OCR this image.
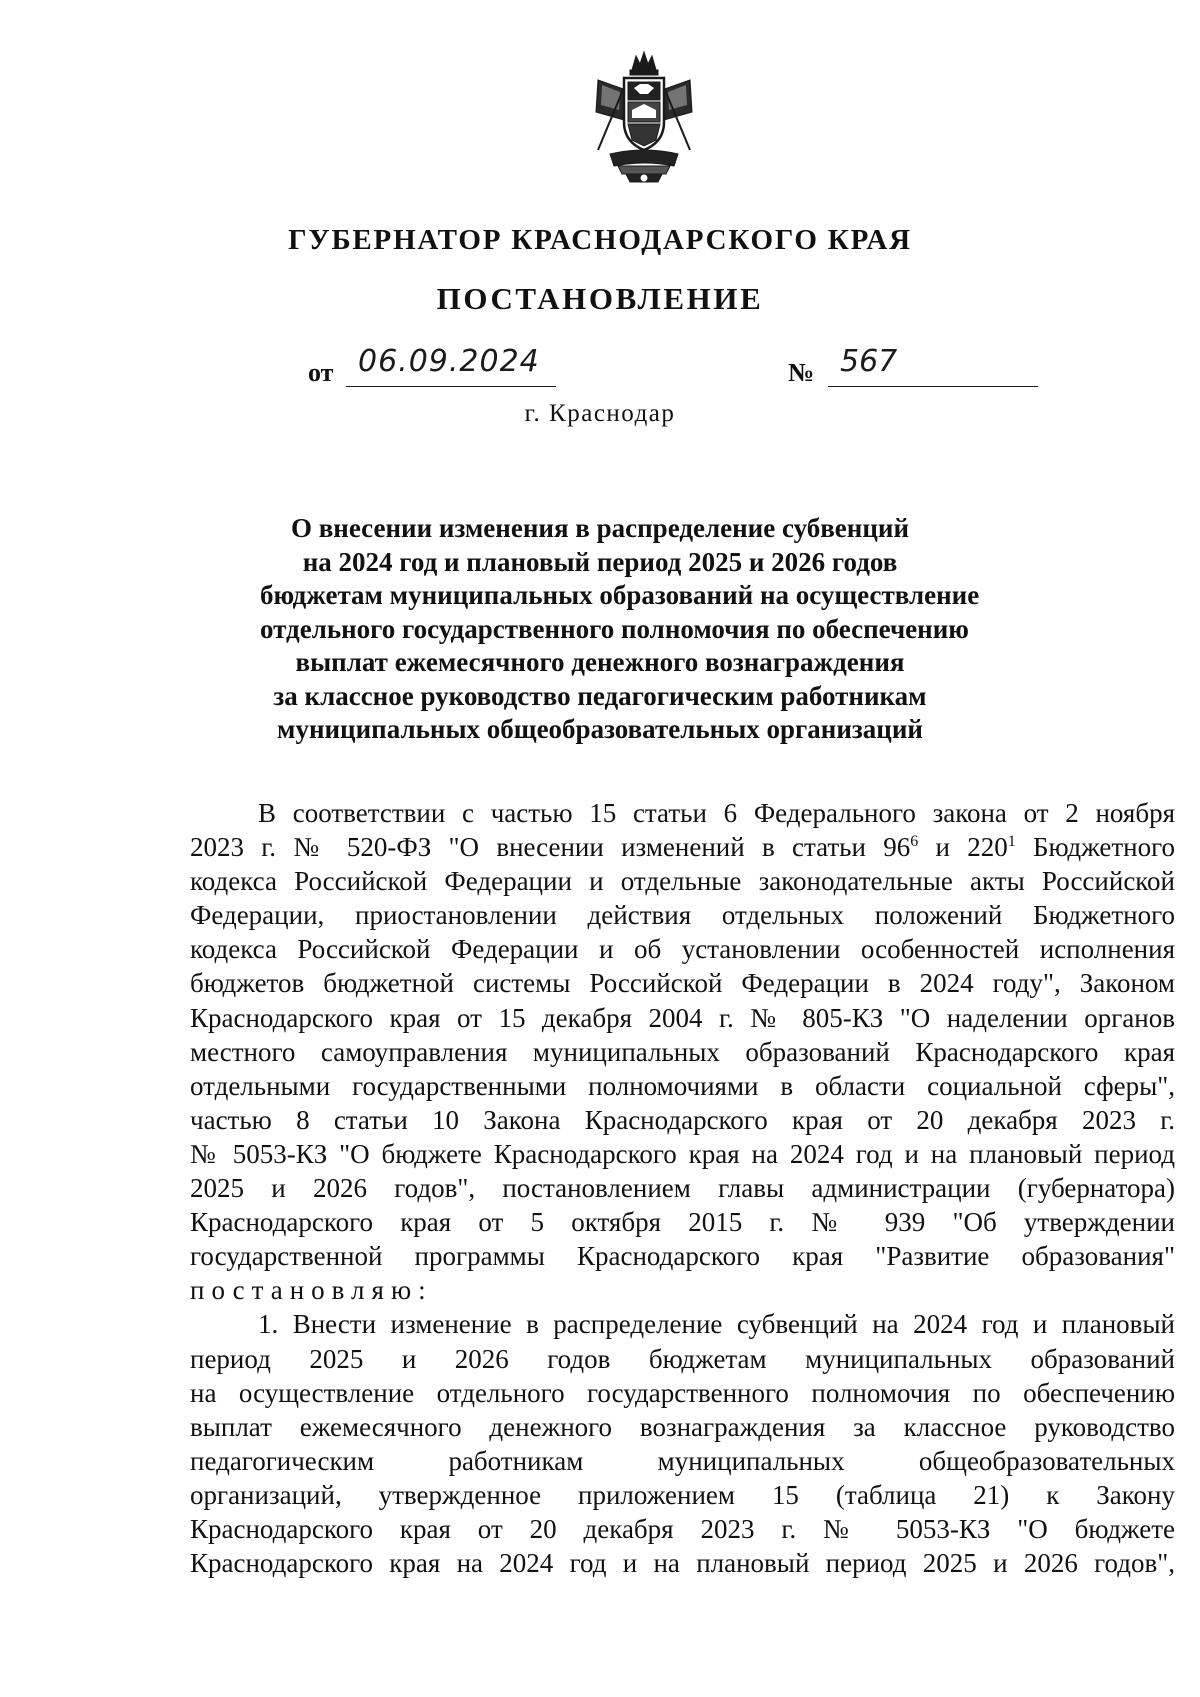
ГУБЕРНАТОР КРАСНОДАРСКОГО КРАЯ
ПОСТАНОВЛЕНИЕ
от 06.09.2024	№ 567
г. Краснодар
О внесении изменения в распределение субвенций
на 2024 год и плановый период 2025 и 2026 годов
бюджетам муниципальных образований на осуществление
отдельного государственного полномочия по обеспечению
выплат ежемесячного денежного вознаграждения
за классное руководство педагогическим работникам
муниципальных общеобразовательных организаций
В соответствии с частью 15 статьи 6 Федерального закона от 2 ноября
2023 г. № 520-ФЗ "О внесении изменений в статьи $96^6$ и $220^1$ Бюджетного
кодекса Российской Федерации и отдельные законодательные акты Российской
Федерации, приостановлении действия отдельных положений Бюджетного
кодекса Российской Федерации и об установлении особенностей исполнения
бюджетов бюджетной системы Российской Федерации в 2024 году", Законом
Краснодарского края от 15 декабря 2004 г. № 805-КЗ "О наделении органов
местного самоуправления муниципальных образований Краснодарского края
отдельными государственными полномочиями в области социальной сферы",
частью 8 статьи 10 Закона Краснодарского края от 20 декабря 2023 г.
№ 5053-КЗ "О бюджете Краснодарского края на 2024 год и на плановый период
2025 и 2026 годов", постановлением главы администрации (губернатора)
Краснодарского края от 5 октября 2015 г. № 939 "Об утверждении
государственной программы Краснодарского края "Развитие образования"
постановляю:
1. Внести изменение в распределение субвенций на 2024 год и плановый
период 2025 и 2026 годов бюджетам муниципальных образований
на осуществление отдельного государственного полномочия по обеспечению
выплат ежемесячного денежного вознаграждения за классное руководство
педагогическим работникам муниципальных общеобразовательных
организаций, утвержденное приложением 15 (таблица 21) к Закону
Краснодарского края от 20 декабря 2023 г. № 5053-КЗ "О бюджете
Краснодарского края на 2024 год и на плановый период 2025 и 2026 годов",
